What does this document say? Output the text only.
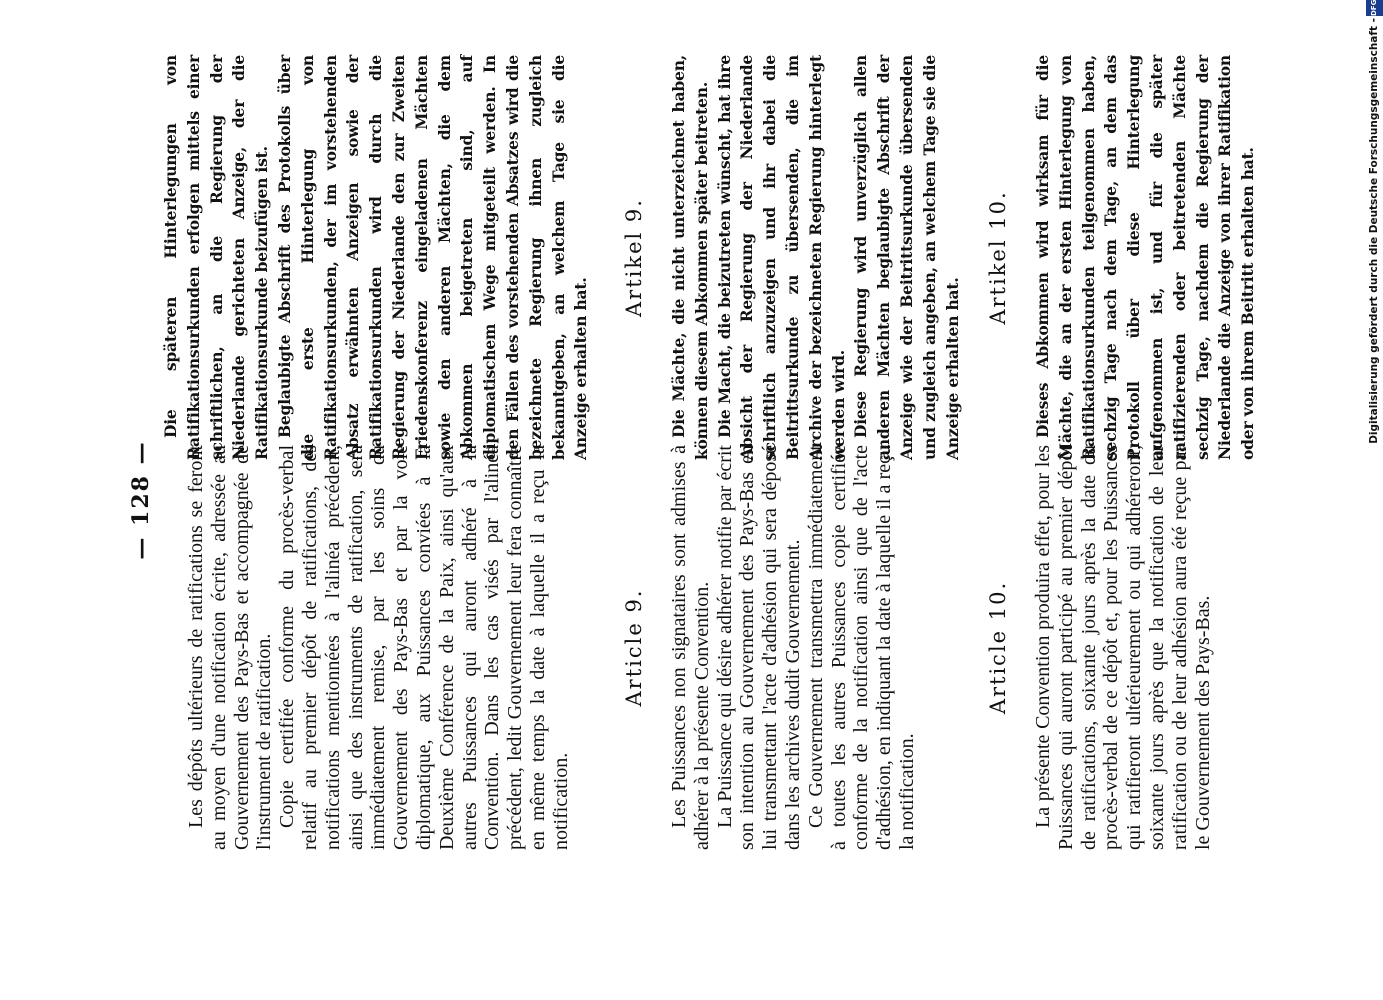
— 128 — Les dépôts ultérieurs de ratifications se feront au moyen d'une notification écrite, adressée au Gouvernement des Pays-Bas et accompagnée de l'instrument de ratification. Copie certifiée conforme du procès-verbal relatif au premier dépôt de ratifications, des notifications mentionnées à l'alinéa précédent, ainsi que des instruments de ratification, sera immédiatement remise, par les soins du Gouvernement des Pays-Bas et par la voie diplomatique, aux Puissances conviées à la Deuxième Conférence de la Paix, ainsi qu'aux autres Puissances qui auront adhéré à la Convention. Dans les cas visés par l'alinéa précédent, ledit Gouvernement leur fera connaître en même temps la date à laquelle il a reçu la notification.

Article 9. Les Puissances non signataires sont admises à adhérer à la présente Convention. La Puissance qui désire adhérer notifie par écrit son intention au Gouvernement des Pays-Bas en lui transmettant l'acte d'adhésion qui sera déposé dans les archives dudit Gouvernement. Ce Gouvernement transmettra immédiatement à toutes les autres Puissances copie certifiée conforme de la notification ainsi que de l'acte d'adhésion, en indiquant la date à laquelle il a reçu la notification.

Article 10. La présente Convention produira effet, pour les Puissances qui auront participé au premier dépôt de ratifications, soixante jours après la date du procès-verbal de ce dépôt et, pour les Puissances qui ratifieront ultérieurement ou qui adhéreront, soixante jours après que la notification de leur ratification ou de leur adhésion aura été reçue par le Gouvernement des Pays-Bas.

Die späteren Hinterlegungen von Ratifikationsurkunden erfolgen mittels einer schriftlichen, an die Regierung der Niederlande gerichteten Anzeige, der die Ratifikationsurkunde beizufügen ist. Beglaubigte Abschrift des Protokolls über die erste Hinterlegung von Ratifikationsurkunden, der im vorstehenden Absatz erwähnten Anzeigen sowie der Ratifikationsurkunden wird durch die Regierung der Niederlande den zur Zweiten Friedenskonferenz eingeladenen Mächten sowie den anderen Mächten, die dem Abkommen beigetreten sind, auf diplomatischem Wege mitgeteilt werden. In den Fällen des vorstehenden Absatzes wird die bezeichnete Regierung ihnen zugleich bekanntgeben, an welchem Tage sie die Anzeige erhalten hat.

Artikel 9. Die Mächte, die nicht unterzeichnet haben, können diesem Abkommen später beitreten. Die Macht, die beizutreten wünscht, hat ihre Absicht der Regierung der Niederlande schriftlich anzuzeigen und ihr dabei die Beitrittsurkunde zu übersenden, die im Archive der bezeichneten Regierung hinterlegt werden wird. Diese Regierung wird unverzüglich allen anderen Mächten beglaubigte Abschrift der Anzeige wie der Beitrittsurkunde übersenden und zugleich angeben, an welchem Tage sie die Anzeige erhalten hat.

Artikel 10. Dieses Abkommen wird wirksam für die Mächte, die an der ersten Hinterlegung von Ratifikationsurkunden teilgenommen haben, sechzig Tage nach dem Tage, an dem das Protokoll über diese Hinterlegung aufgenommen ist, und für die später ratifizierenden oder beitretenden Mächte sechzig Tage, nachdem die Regierung der Niederlande die Anzeige von ihrer Ratifikation oder von ihrem Beitritt erhalten hat.	Digitalisierung gefördert durch die Deutsche Forschungsgemeinschaft -
DFG
